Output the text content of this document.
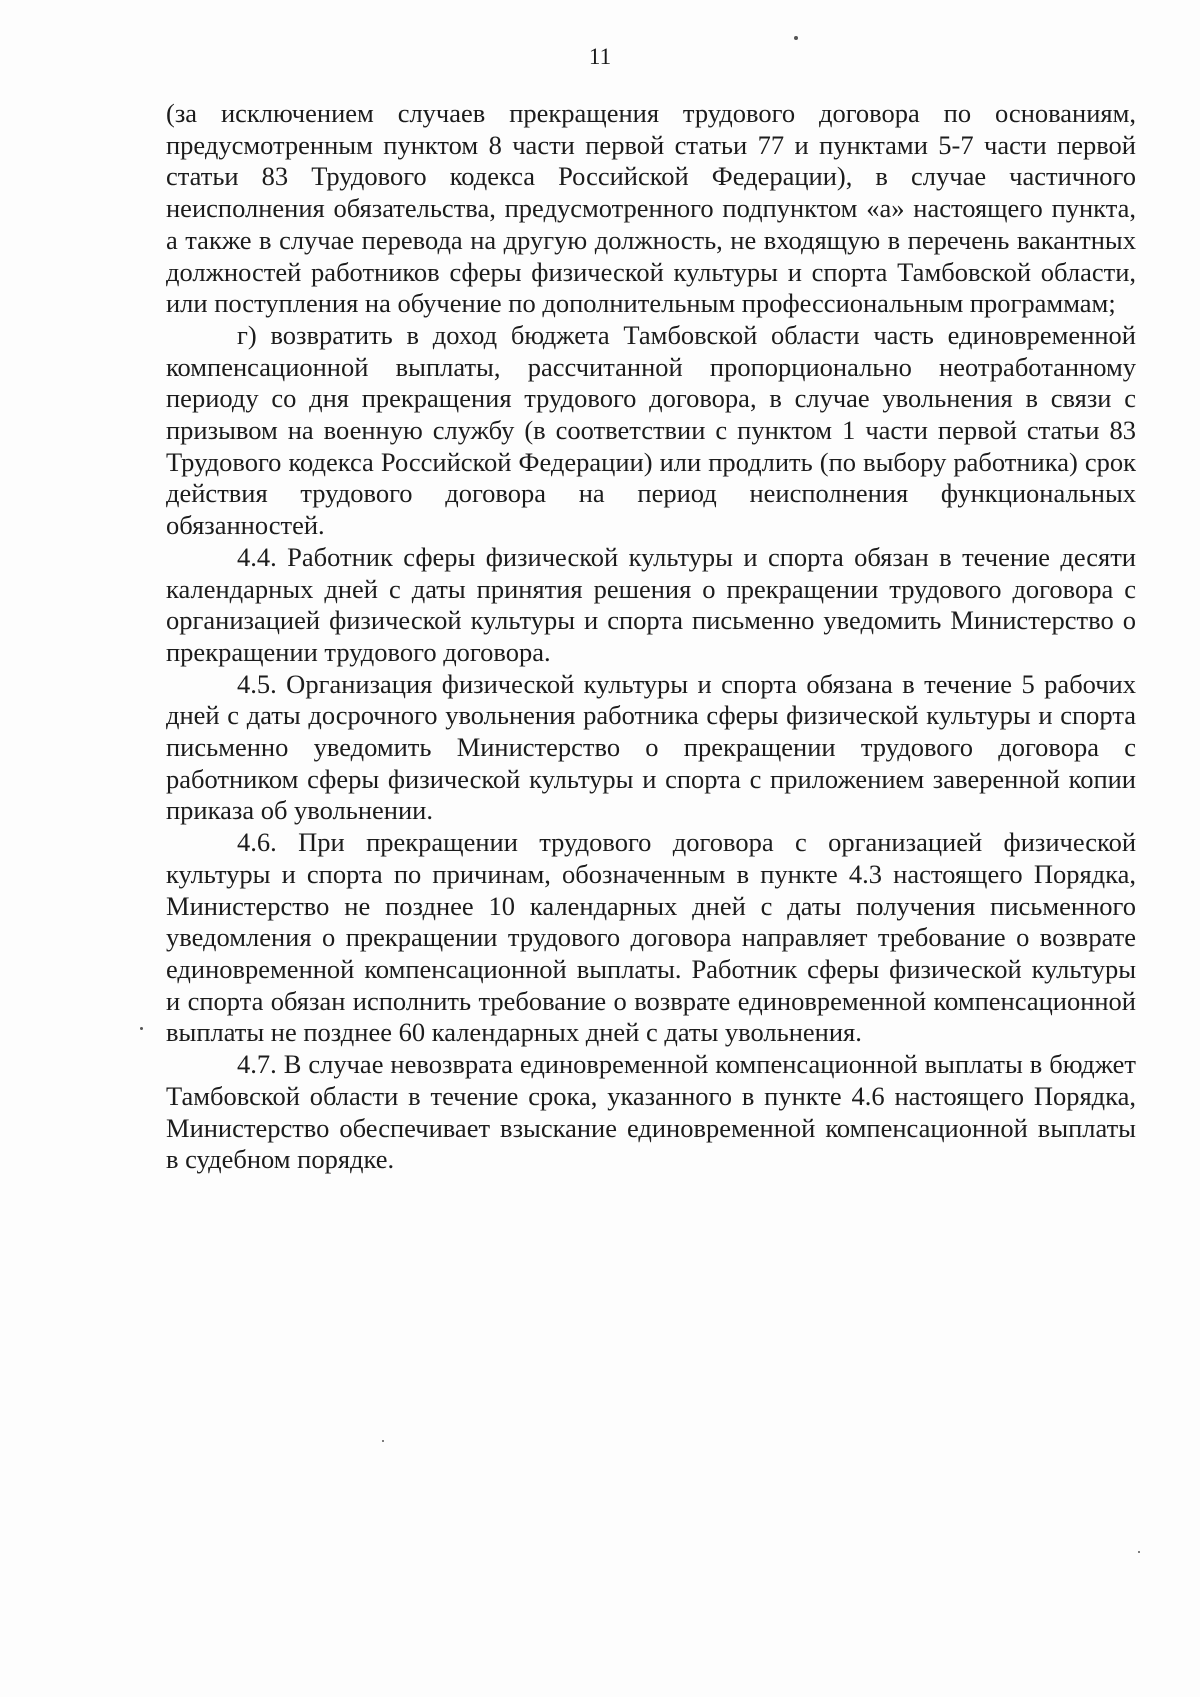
11

(за исключением случаев прекращения трудового договора по основаниям, предусмотренным пунктом 8 части первой статьи 77 и пунктами 5-7 части первой статьи 83 Трудового кодекса Российской Федерации), в случае частичного неисполнения обязательства, предусмотренного подпунктом «а» настоящего пункта, а также в случае перевода на другую должность, не входящую в перечень вакантных должностей работников сферы физической культуры и спорта Тамбовской области, или поступления на обучение по дополнительным профессиональным программам;

г) возвратить в доход бюджета Тамбовской области часть единовременной компенсационной выплаты, рассчитанной пропорционально неотработанному периоду со дня прекращения трудового договора, в случае увольнения в связи с призывом на военную службу (в соответствии с пунктом 1 части первой статьи 83 Трудового кодекса Российской Федерации) или продлить (по выбору работника) срок действия трудового договора на период неисполнения функциональных обязанностей.

4.4. Работник сферы физической культуры и спорта обязан в течение десяти календарных дней с даты принятия решения о прекращении трудового договора с организацией физической культуры и спорта письменно уведомить Министерство о прекращении трудового договора.

4.5. Организация физической культуры и спорта обязана в течение 5 рабочих дней с даты досрочного увольнения работника сферы физической культуры и спорта письменно уведомить Министерство о прекращении трудового договора с работником сферы физической культуры и спорта с приложением заверенной копии приказа об увольнении.

4.6. При прекращении трудового договора с организацией физической культуры и спорта по причинам, обозначенным в пункте 4.3 настоящего Порядка, Министерство не позднее 10 календарных дней с даты получения письменного уведомления о прекращении трудового договора направляет требование о возврате единовременной компенсационной выплаты. Работник сферы физической культуры и спорта обязан исполнить требование о возврате единовременной компенсационной выплаты не позднее 60 календарных дней с даты увольнения.

4.7. В случае невозврата единовременной компенсационной выплаты в бюджет Тамбовской области в течение срока, указанного в пункте 4.6 настоящего Порядка, Министерство обеспечивает взыскание единовременной компенсационной выплаты в судебном порядке.
